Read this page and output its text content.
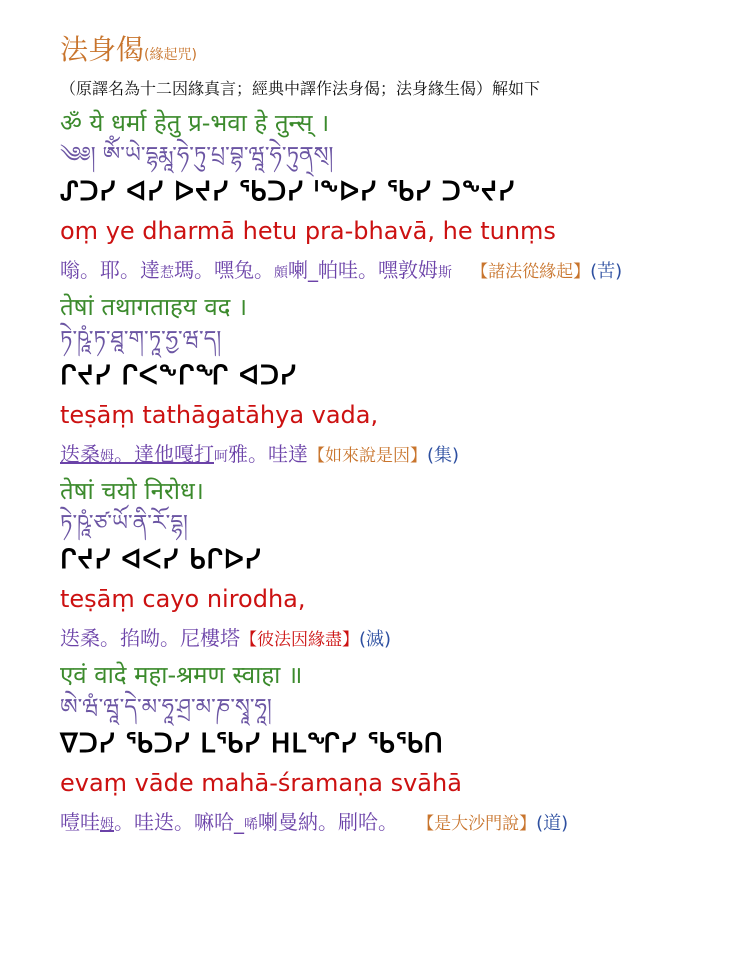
法身偈(緣起咒)
（原譯名為十二因緣真言；經典中譯作法身偈；法身緣生偈）解如下
ॐ ये धर्मा हेतु प्र-भवा हे तुन्स् ।
༄༅། ཨོཾ་ཡེ་དྷརྨཱ་ཧེ་ཏུ་པྲ་བྷ་ཝཱ་ཧེ་ཏུན྄ས྄།
ᔑᑐᓯ ᐊᓯ ᐅᔪᓯ ᖃᑐᓯ ᑊᖕᐅᓯ ᖃᓯ ᑐᖕᔪᓯ
oṃ ye dharmā hetu pra-bhavā, he tunṃs
嗡。耶。達惹瑪。嘿兔。頗喇_帕哇。嘿敦姆斯 【諸法從緣起】(苦)
तेषां तथागताहय वद ।
ཏེ་ཥཱཾ་ཏ་ཐཱ་ག་ཏཱ་ཧྱ་ཝ་ད།
ᒋᔪᓯ ᒋᐸᖕᒋᖏ ᐊᑐᓯ
teṣāṃ tathāgatāhya vada,
迭桑姆。達他嘎打呵雅。哇達【如來說是因】(集)
तेषां चयो निरोध।
ཏེ་ཥཱཾ་ཙ་ཡོ་ནི་རོ་དྷ།
ᒋᔪᓯ ᐊᐸᓯ ᑲᒋᐅᓯ
teṣāṃ cayo nirodha,
迭桑。掐呦。尼樓塔【彼法因緣盡】(滅)
एवं वादे महा-श्रमण स्वाहा ॥
ཨེ་ཝཾ་ཝཱ་དེ་མ་ཧཱ་ཤྲ་མ་ཎ་སྭཱ་ཧཱ།
ᐁᑐᓯ ᖃᑐᓯ ᒪᖃᓯ ᕼᒪᖏᓯ ᖃᖃᑎ
evaṃ vāde mahā-śramaṇa svāhā
噎哇姆。哇迭。嘛哈_唏喇曼納。刷哈。 【是大沙門說】(道)
